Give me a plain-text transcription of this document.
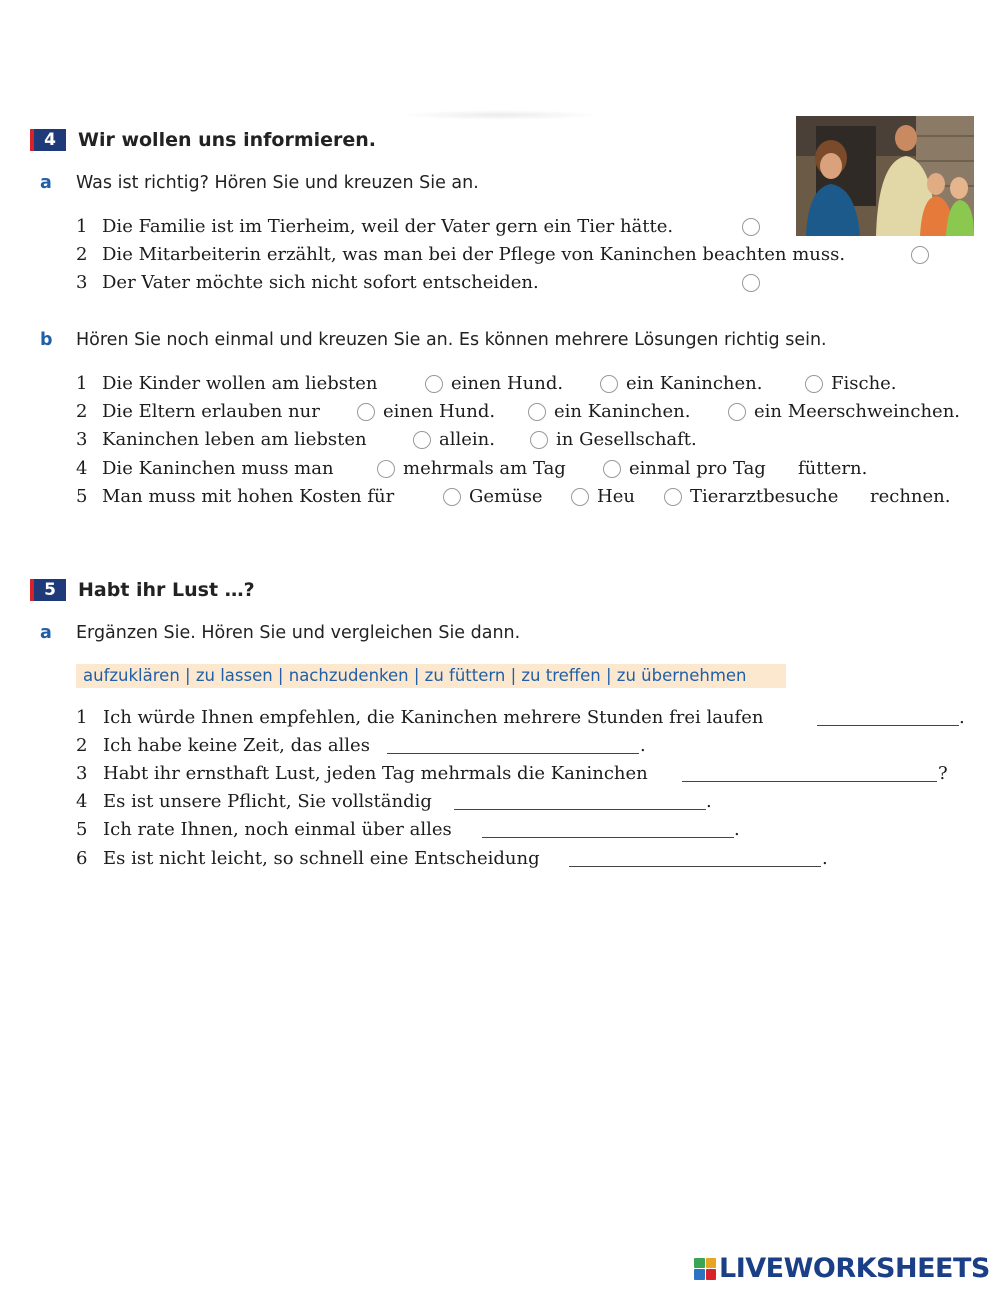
4	Wir wollen uns informieren.
a	Was ist richtig? Hören Sie und kreuzen Sie an.
1 Die Familie ist im Tierheim, weil der Vater gern ein Tier hätte.
2 Die Mitarbeiterin erzählt, was man bei der Pflege von Kaninchen beachten muss.
3 Der Vater möchte sich nicht sofort entscheiden.
b	Hören Sie noch einmal und kreuzen Sie an. Es können mehrere Lösungen richtig sein.
1 Die Kinder wollen am liebsten	einen Hund.	ein Kaninchen.	Fische.
2 Die Eltern erlauben nur	einen Hund.	ein Kaninchen.	ein Meerschweinchen.
3 Kaninchen leben am liebsten	allein.	in Gesellschaft.
4 Die Kaninchen muss man	mehrmals am Tag	einmal pro Tag füttern.
5 Man muss mit hohen Kosten für	Gemüse	Heu	Tierarztbesuche rechnen.
5	Habt ihr Lust …?
a	Ergänzen Sie. Hören Sie und vergleichen Sie dann.
aufzuklären | zu lassen | nachzudenken | zu füttern | zu treffen | zu übernehmen
1 Ich würde Ihnen empfehlen, die Kaninchen mehrere Stunden frei laufen	.
2 Ich habe keine Zeit, das alles	.
3 Habt ihr ernsthaft Lust, jeden Tag mehrmals die Kaninchen	?
4 Es ist unsere Pflicht, Sie vollständig	.
5 Ich rate Ihnen, noch einmal über alles	.
6 Es ist nicht leicht, so schnell eine Entscheidung	.
LIVEWORKSHEETS
